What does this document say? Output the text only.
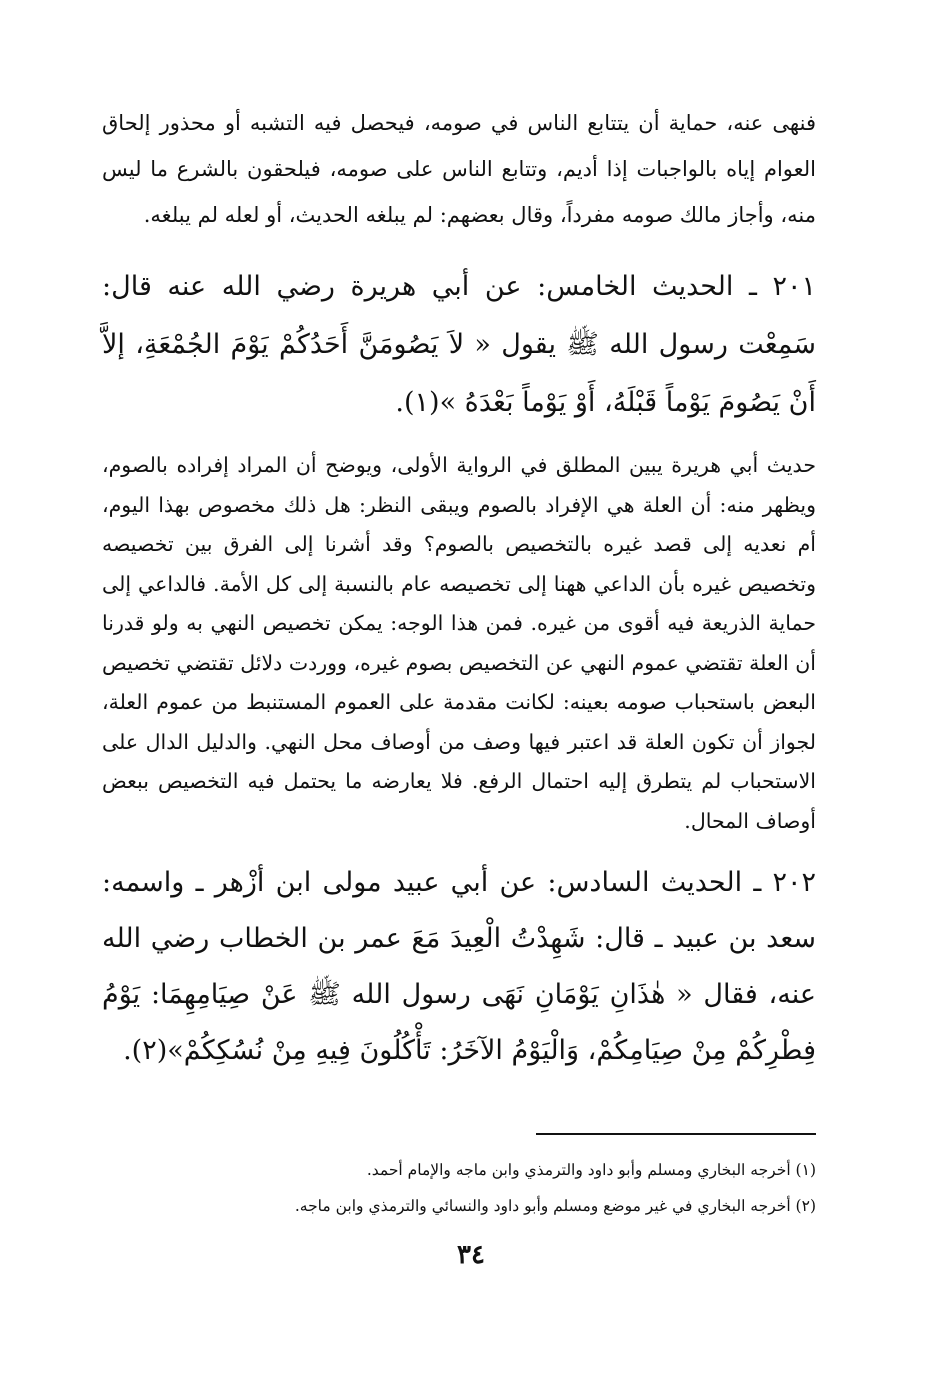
فنهى عنه، حماية أن يتتابع الناس في صومه، فيحصل فيه التشبه أو محذور إلحاق العوام إياه بالواجبات إذا أديم، وتتابع الناس على صومه، فيلحقون بالشرع ما ليس منه، وأجاز مالك صومه مفرداً، وقال بعضهم: لم يبلغه الحديث، أو لعله لم يبلغه.

٢٠١ ـ الحديث الخامس: عن أبي هريرة رضي الله عنه قال: سَمِعْت رسول الله ﷺ يقول « لاَ يَصُومَنَّ أَحَدُكُمْ يَوْمَ الجُمْعَةِ، إلاَّ أَنْ يَصُومَ يَوْماً قَبْلَهُ، أَوْ يَوْماً بَعْدَهُ »(١).

حديث أبي هريرة يبين المطلق في الرواية الأولى، ويوضح أن المراد إفراده بالصوم، ويظهر منه: أن العلة هي الإفراد بالصوم ويبقى النظر: هل ذلك مخصوص بهذا اليوم، أم نعديه إلى قصد غيره بالتخصيص بالصوم؟ وقد أشرنا إلى الفرق بين تخصيصه وتخصيص غيره بأن الداعي ههنا إلى تخصيصه عام بالنسبة إلى كل الأمة. فالداعي إلى حماية الذريعة فيه أقوى من غيره. فمن هذا الوجه: يمكن تخصيص النهي به ولو قدرنا أن العلة تقتضي عموم النهي عن التخصيص بصوم غيره، ووردت دلائل تقتضي تخصيص البعض باستحباب صومه بعينه: لكانت مقدمة على العموم المستنبط من عموم العلة، لجواز أن تكون العلة قد اعتبر فيها وصف من أوصاف محل النهي. والدليل الدال على الاستحباب لم يتطرق إليه احتمال الرفع. فلا يعارضه ما يحتمل فيه التخصيص ببعض أوصاف المحال.

٢٠٢ ـ الحديث السادس: عن أبي عبيد مولى ابن أزْهر ـ واسمه: سعد بن عبيد ـ قال: شَهِدْتُ الْعِيدَ مَعَ عمر بن الخطاب رضي الله عنه، فقال « هٰذَانِ يَوْمَانِ نَهَى رسول الله ﷺ عَنْ صِيَامِهِمَا: يَوْمُ فِطْرِكُمْ مِنْ صِيَامِكُمْ، وَالْيَوْمُ الآخَرُ: تَأْكُلُونَ فِيهِ مِنْ نُسُكِكُمْ»(٢).

(١) أخرجه البخاري ومسلم وأبو داود والترمذي وابن ماجه والإمام أحمد.
(٢) أخرجه البخاري في غير موضع ومسلم وأبو داود والنسائي والترمذي وابن ماجه.
٣٤
